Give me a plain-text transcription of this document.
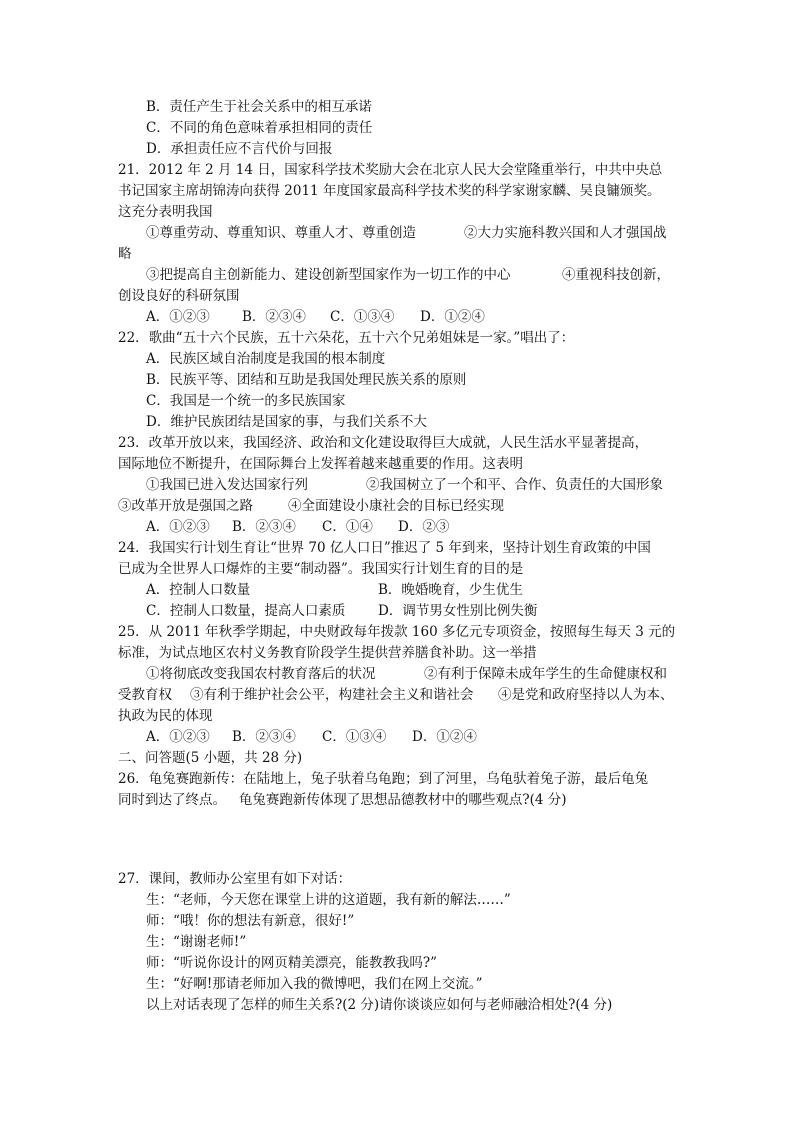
B．责任产生于社会关系中的相互承诺
C．不同的角色意味着承担相同的责任
D．承担责任应不言代价与回报
21．2012 年 2 月 14 日，国家科学技术奖励大会在北京人民大会堂隆重举行，中共中央总
书记国家主席胡锦涛向获得 2011 年度国家最高科学技术奖的科学家谢家麟、吴良镛颁奖。
这充分表明我国
①尊重劳动、尊重知识、尊重人才、尊重创造	②大力实施科教兴国和人才强国战
略
③把提高自主创新能力、建设创新型国家作为一切工作的中心	④重视科技创新，
创设良好的科研氛围
A．①②③ B．②③④ C．①③④ D．①②④
22．歌曲“五十六个民族，五十六朵花，五十六个兄弟姐妹是一家。”唱出了：
A．民族区域自治制度是我国的根本制度
B．民族平等、团结和互助是我国处理民族关系的原则
C．我国是一个统一的多民族国家
D．维护民族团结是国家的事，与我们关系不大
23．改革开放以来，我国经济、政治和文化建设取得巨大成就，人民生活水平显著提高，
国际地位不断提升，在国际舞台上发挥着越来越重要的作用。这表明
①我国已进入发达国家行列	②我国树立了一个和平、合作、负责任的大国形象
③改革开放是强国之路	④全面建设小康社会的目标已经实现
A．①②③ B．②③④ C．①④ D．②③
24．我国实行计划生育让“世界 70 亿人口日”推迟了 5 年到来，坚持计划生育政策的中国
已成为全世界人口爆炸的主要“制动器”。我国实行计划生育的目的是
A．控制人口数量	B．晚婚晚育，少生优生
C．控制人口数量，提高人口素质 D．调节男女性别比例失衡
25．从 2011 年秋季学期起，中央财政每年拨款 160 多亿元专项资金，按照每生每天 3 元的
标准，为试点地区农村义务教育阶段学生提供营养膳食补助。这一举措
①将彻底改变我国农村教育落后的状况	②有利于保障未成年学生的生命健康权和
受教育权 ③有利于维护社会公平，构建社会主义和谐社会 ④是党和政府坚持以人为本、
执政为民的体现
A．①②③ B．②③④ C．①③④ D．①②④
二、问答题(5 小题，共 28 分)
26．龟兔赛跑新传：在陆地上，兔子驮着乌龟跑；到了河里，乌龟驮着兔子游，最后龟兔
同时到达了终点。   龟兔赛跑新传体现了思想品德教材中的哪些观点?(4 分)
27．课间，教师办公室里有如下对话：
生：“老师，今天您在课堂上讲的这道题，我有新的解法……”
师：“哦！你的想法有新意，很好!”
生：“谢谢老师!”
师：“听说你设计的网页精美漂亮，能教教我吗?”
生：“好啊!那请老师加入我的微博吧，我们在网上交流。”
以上对话表现了怎样的师生关系?(2 分)请你谈谈应如何与老师融洽相处?(4 分)
